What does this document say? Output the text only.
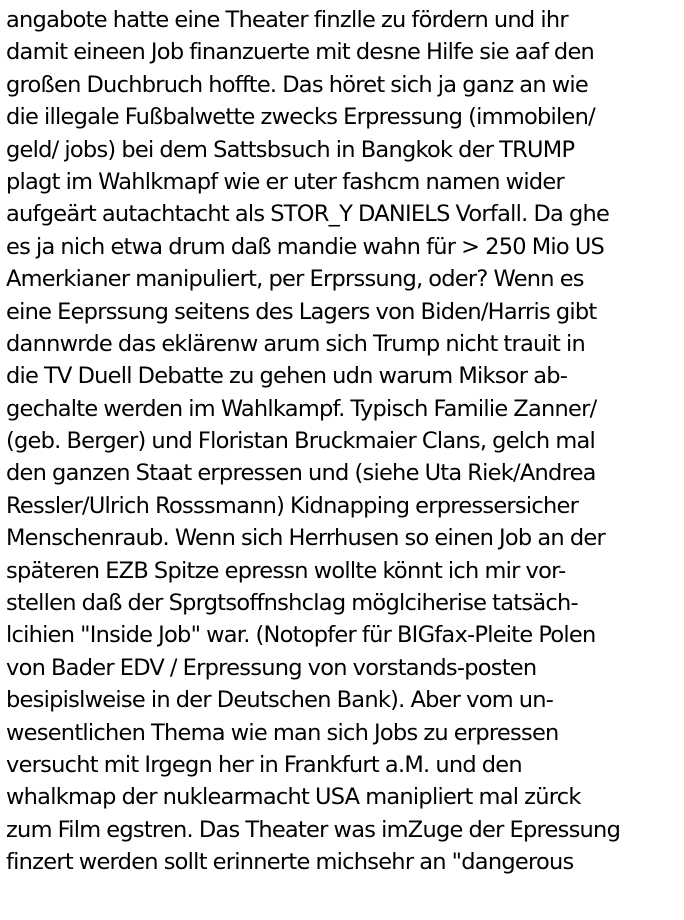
angabote hatte eine Theater finzlle zu fördern und ihr
damit eineen Job finanzuerte mit desne Hilfe sie aaf den
großen Duchbruch hoffte. Das höret sich ja ganz an wie
die illegale Fußbalwette zwecks Erpressung (immobilen/
geld/ jobs) bei dem Sattsbsuch in Bangkok der TRUMP
plagt im Wahlkmapf wie er uter fashcm namen wider
aufgeärt autachtacht als STOR_Y DANIELS Vorfall. Da ghe
es ja nich etwa drum daß mandie wahn für > 250 Mio US
Amerkianer manipuliert, per Erprssung, oder? Wenn es
eine Eeprssung seitens des Lagers von Biden/Harris gibt
dannwrde das eklärenw arum sich Trump nicht trauit in
die TV Duell Debatte zu gehen udn warum Miksor ab-
gechalte werden im Wahlkampf. Typisch Familie Zanner/
(geb. Berger) und Floristan Bruckmaier Clans, gelch mal
den ganzen Staat erpressen und (siehe Uta Riek/Andrea
Ressler/Ulrich Rosssmann) Kidnapping erpressersicher
Menschenraub. Wenn sich Herrhusen so einen Job an der
späteren EZB Spitze epressn wollte könnt ich mir vor-
stellen daß der Sprgtsoffnshclag möglciherise tatsäch-
lcihien "Inside Job" war. (Notopfer für BIGfax-Pleite Polen
von Bader EDV / Erpressung von vorstands-posten
besipislweise in der Deutschen Bank). Aber vom un-
wesentlichen Thema wie man sich Jobs zu erpressen
versucht mit Irgegn her in Frankfurt a.M. und den
whalkmap der nuklearmacht USA manipliert mal zürck
zum Film egstren. Das Theater was imZuge der Epressung
finzert werden sollt erinnerte michsehr an "dangerous
